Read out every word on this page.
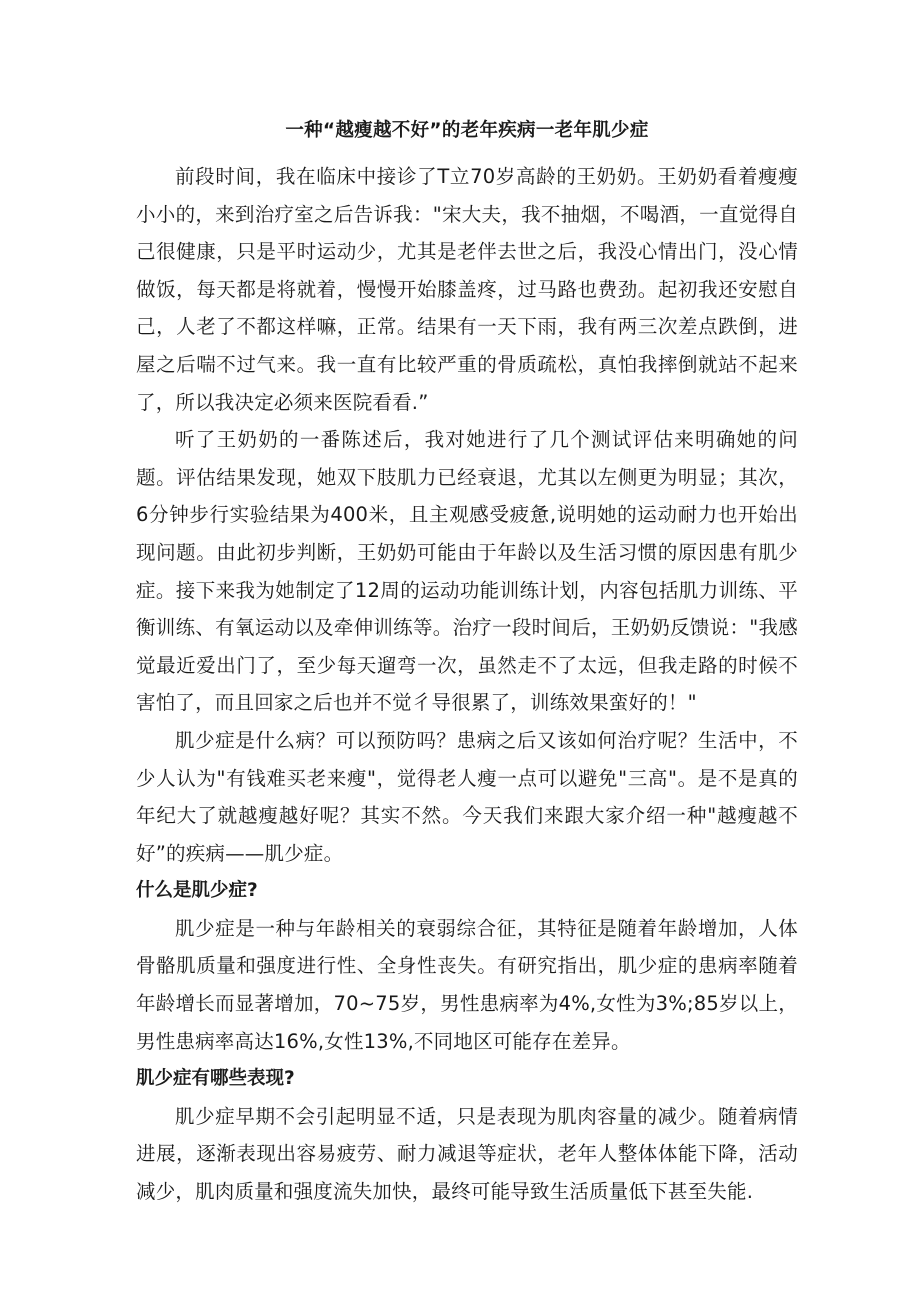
一种“越瘦越不好”的老年疾病一老年肌少症

前段时间，我在临床中接诊了T立70岁高龄的王奶奶。王奶奶看着瘦瘦小小的，来到治疗室之后告诉我："宋大夫，我不抽烟，不喝酒，一直觉得自己很健康，只是平时运动少，尤其是老伴去世之后，我没心情出门，没心情做饭，每天都是将就着，慢慢开始膝盖疼，过马路也费劲。起初我还安慰自己，人老了不都这样嘛，正常。结果有一天下雨，我有两三次差点跌倒，进屋之后喘不过气来。我一直有比较严重的骨质疏松，真怕我摔倒就站不起来了，所以我决定必须来医院看看.”

听了王奶奶的一番陈述后，我对她进行了几个测试评估来明确她的问题。评估结果发现，她双下肢肌力已经衰退，尤其以左侧更为明显；其次，6分钟步行实验结果为400米，且主观感受疲惫,说明她的运动耐力也开始出现问题。由此初步判断，王奶奶可能由于年龄以及生活习惯的原因患有肌少症。接下来我为她制定了12周的运动功能训练计划，内容包括肌力训练、平衡训练、有氧运动以及牵伸训练等。治疗一段时间后，王奶奶反馈说："我感觉最近爱出门了，至少每天遛弯一次，虽然走不了太远，但我走路的时候不害怕了，而且回家之后也并不觉彳导很累了，训练效果蛮好的！"

肌少症是什么病？可以预防吗？患病之后又该如何治疗呢？生活中，不少人认为"有钱难买老来瘦"，觉得老人瘦一点可以避免"三高"。是不是真的年纪大了就越瘦越好呢？其实不然。今天我们来跟大家介绍一种"越瘦越不好”的疾病——肌少症。

什么是肌少症?

肌少症是一种与年龄相关的衰弱综合征，其特征是随着年龄增加，人体骨骼肌质量和强度进行性、全身性丧失。有研究指出，肌少症的患病率随着年龄增长而显著增加，70~75岁，男性患病率为4%,女性为3%;85岁以上，男性患病率高达16%,女性13%,不同地区可能存在差异。

肌少症有哪些表现?

肌少症早期不会引起明显不适，只是表现为肌肉容量的减少。随着病情进展，逐渐表现出容易疲劳、耐力减退等症状，老年人整体体能下降，活动减少，肌肉质量和强度流失加快，最终可能导致生活质量低下甚至失能.
